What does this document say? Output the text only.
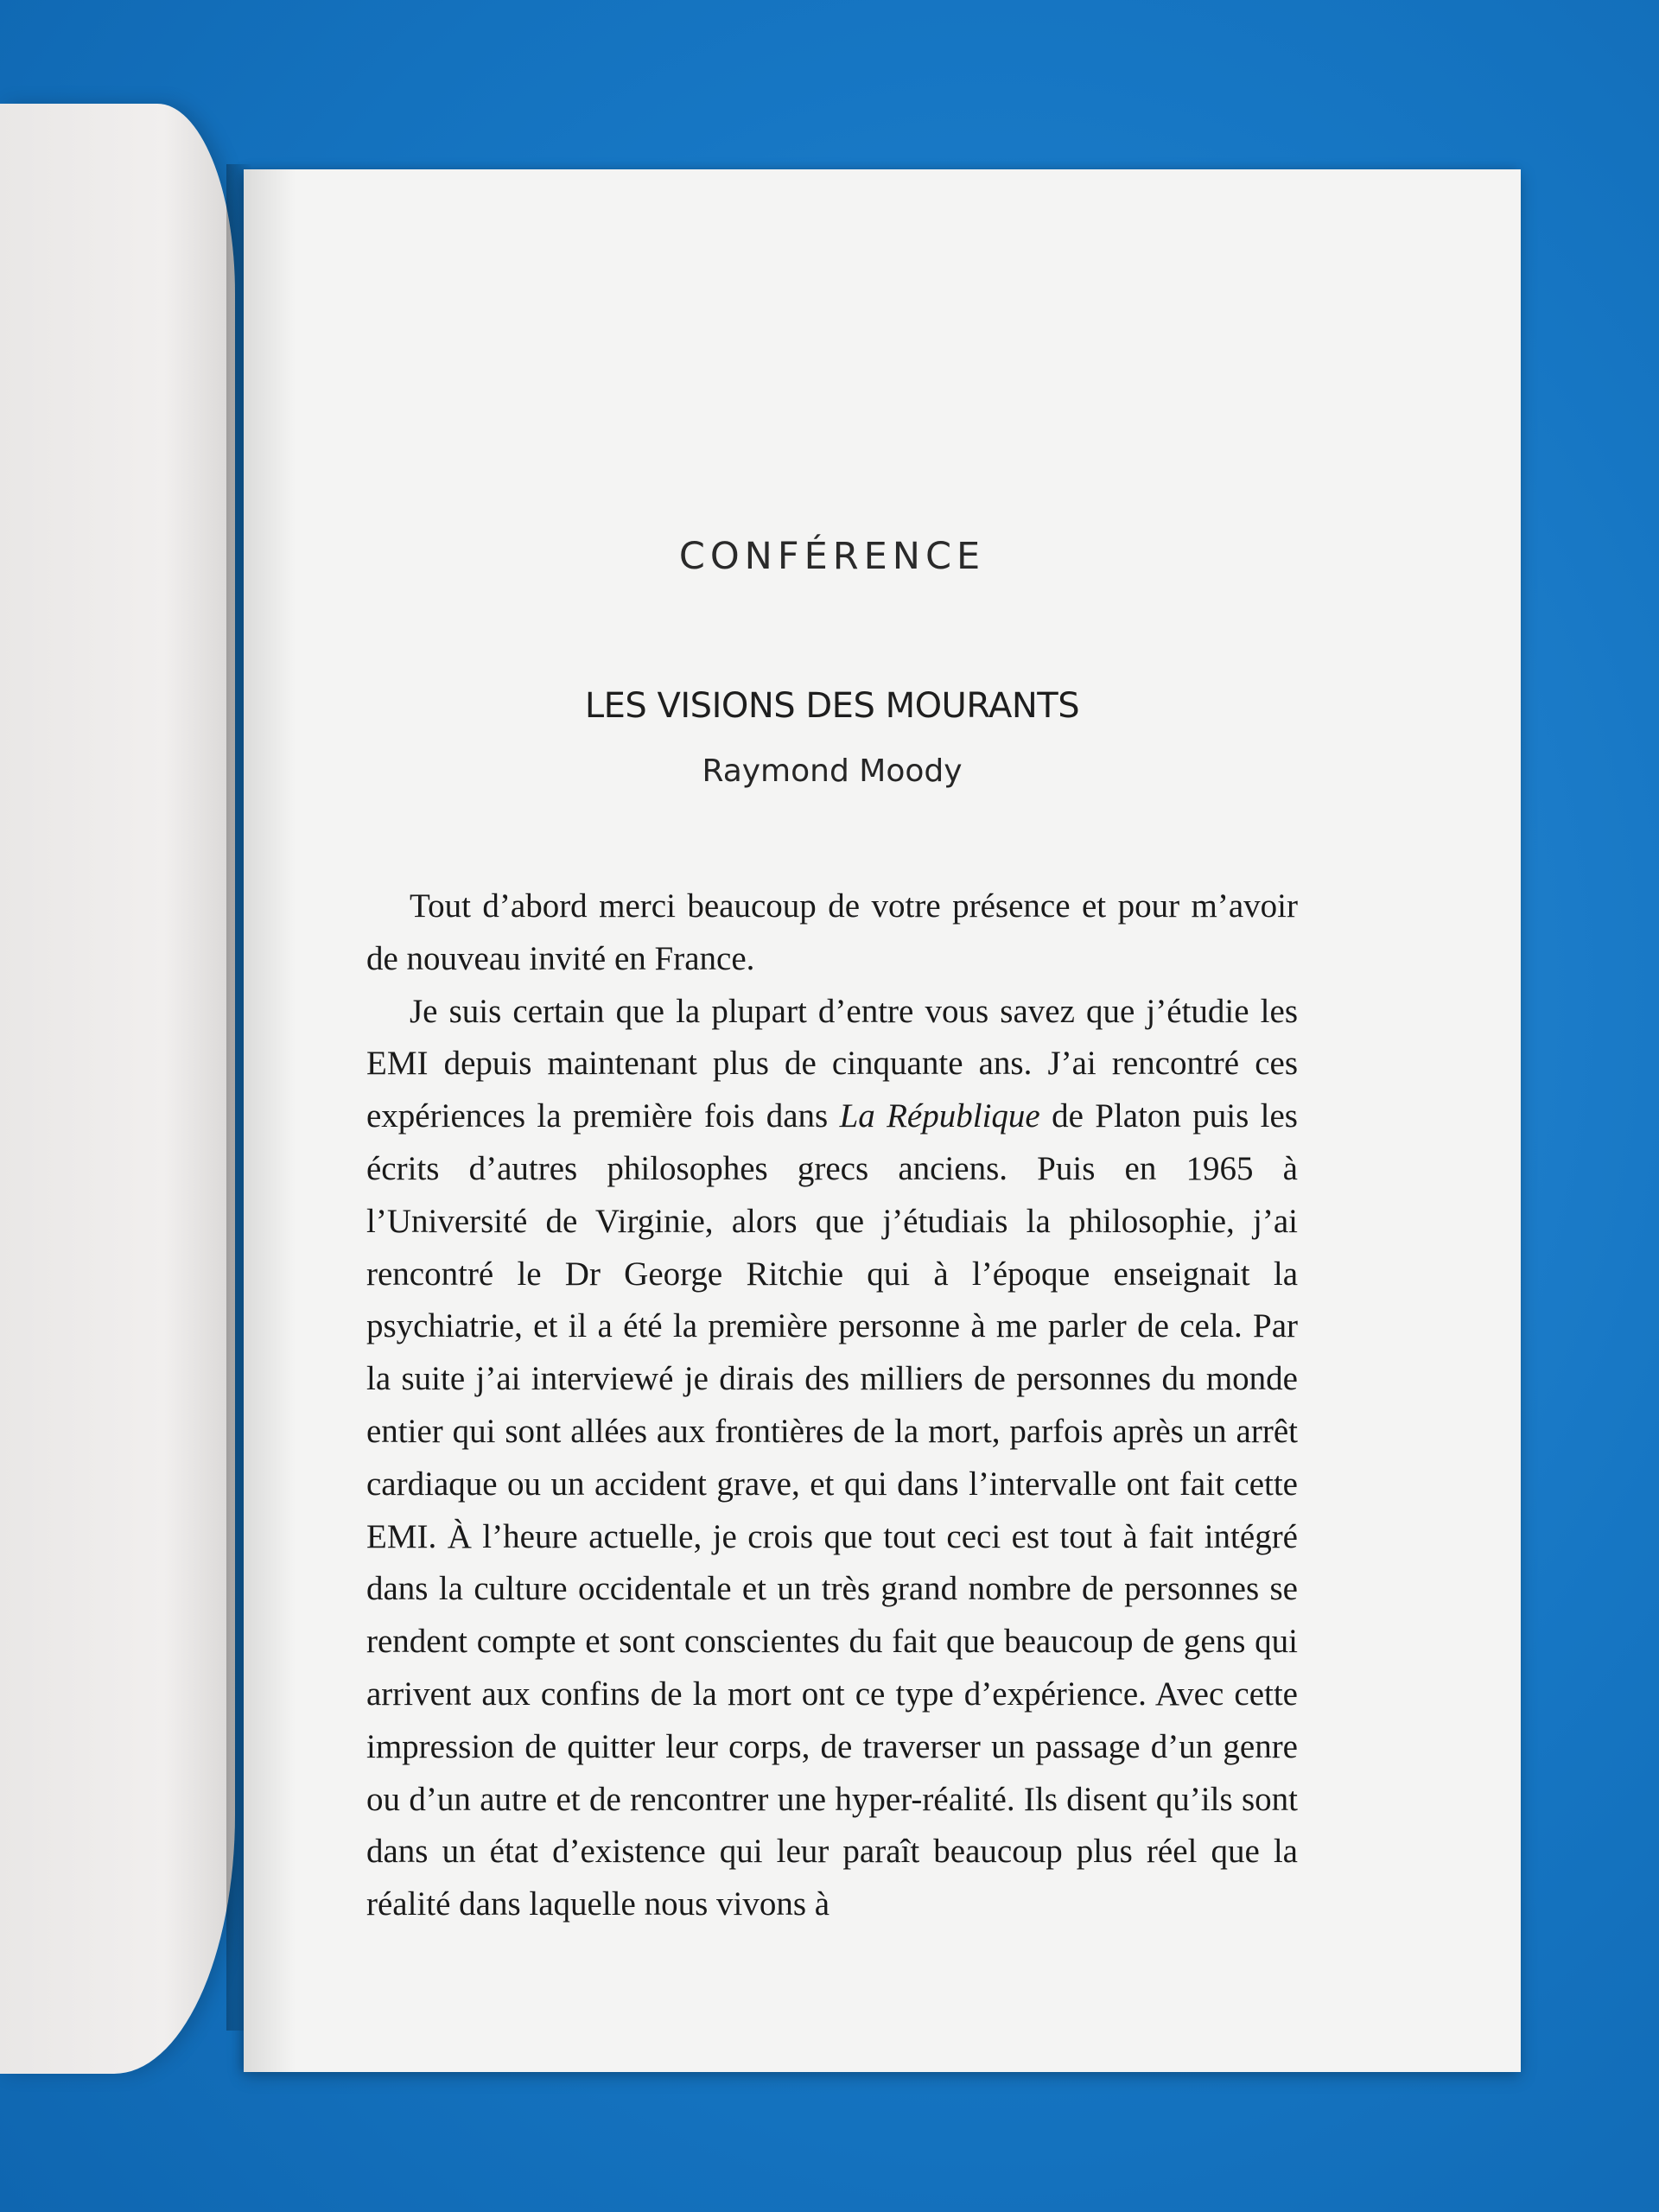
CONFÉRENCE
LES VISIONS DES MOURANTS
Raymond Moody

Tout d’abord merci beaucoup de votre présence et pour m’avoir de nouveau invité en France.

Je suis certain que la plupart d’entre vous savez que j’étudie les EMI depuis maintenant plus de cinquante ans. J’ai rencontré ces expériences la première fois dans La République de Platon puis les écrits d’autres philosophes grecs anciens. Puis en 1965 à l’Université de Virginie, alors que j’étudiais la philosophie, j’ai rencontré le Dr George Ritchie qui à l’époque enseignait la psychiatrie, et il a été la première personne à me parler de cela. Par la suite j’ai interviewé je dirais des milliers de personnes du monde entier qui sont allées aux frontières de la mort, parfois après un arrêt cardiaque ou un accident grave, et qui dans l’intervalle ont fait cette EMI. À l’heure actuelle, je crois que tout ceci est tout à fait intégré dans la culture occidentale et un très grand nombre de personnes se rendent compte et sont conscientes du fait que beaucoup de gens qui arrivent aux confins de la mort ont ce type d’expérience. Avec cette impression de quitter leur corps, de traverser un passage d’un genre ou d’un autre et de rencontrer une hyper-réalité. Ils disent qu’ils sont dans un état d’existence qui leur paraît beaucoup plus réel que la réalité dans laquelle nous vivons à
